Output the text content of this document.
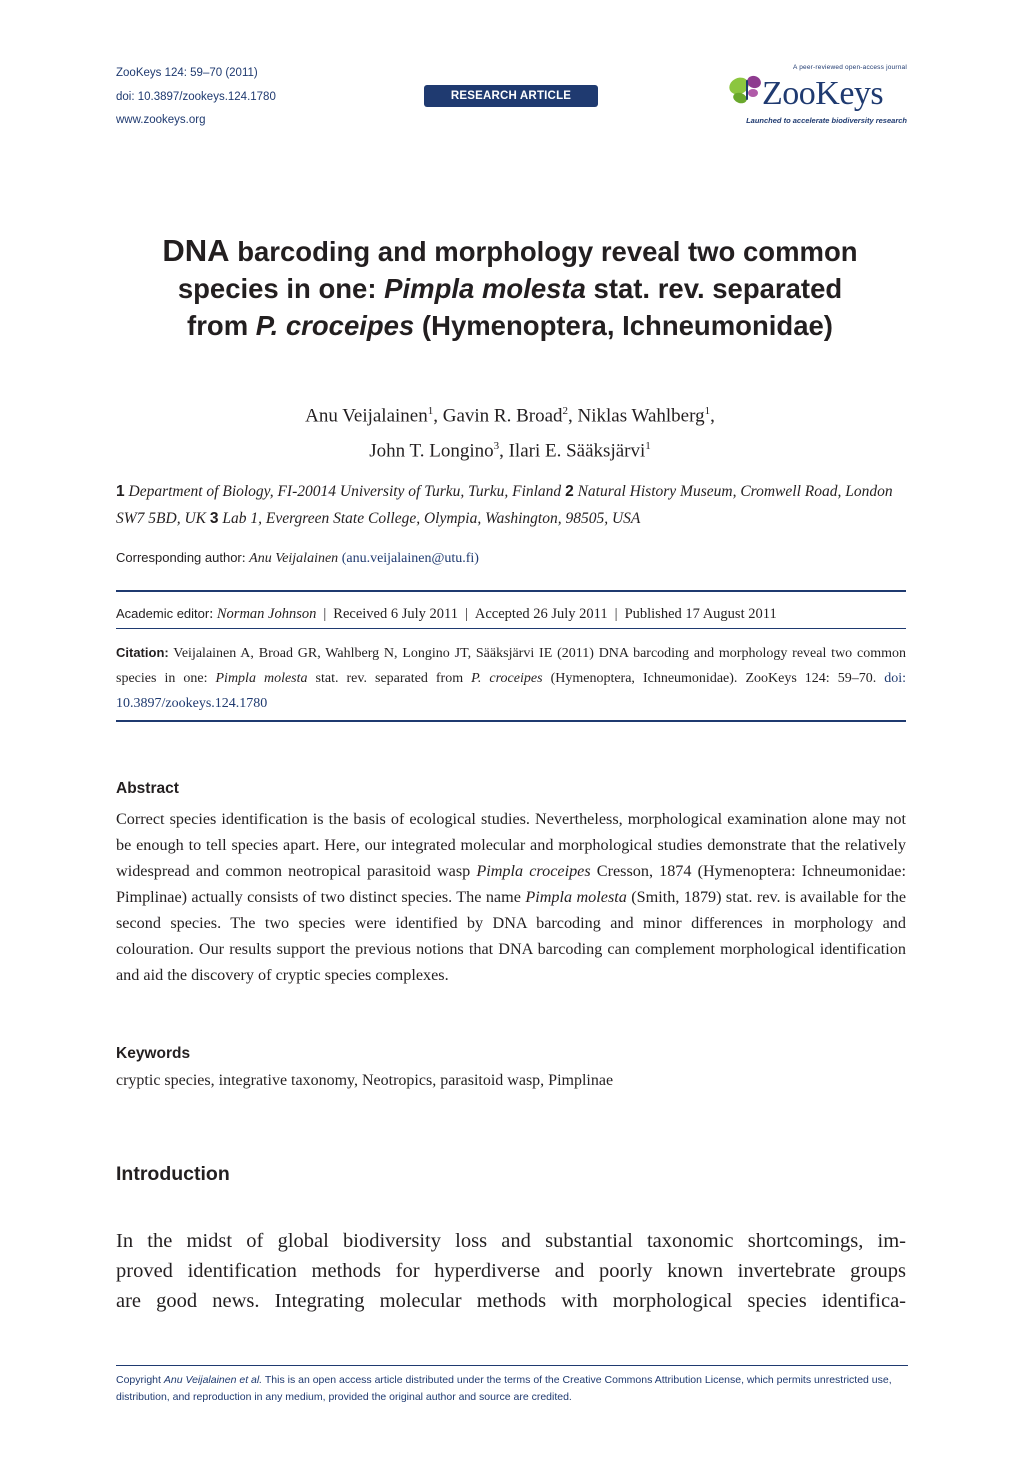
ZooKeys 124: 59–70 (2011)
doi: 10.3897/zookeys.124.1780
www.zookeys.org
RESEARCH ARTICLE
A peer-reviewed open-access journal
ZooKeys
Launched to accelerate biodiversity research
DNA barcoding and morphology reveal two common
species in one: Pimpla molesta stat. rev. separated
from P. croceipes (Hymenoptera, Ichneumonidae)
Anu Veijalainen$^1$, Gavin R. Broad$^2$, Niklas Wahlberg$^1$,
John T. Longino$^3$, Ilari E. Sääksjärvi$^1$
1 Department of Biology, FI-20014 University of Turku, Turku, Finland 2 Natural History Museum, Cromwell Road, London SW7 5BD, UK 3 Lab 1, Evergreen State College, Olympia, Washington, 98505, USA
Corresponding author: Anu Veijalainen (anu.veijalainen@utu.fi)
Academic editor: Norman Johnson | Received 6 July 2011 | Accepted 26 July 2011 | Published 17 August 2011
Citation: Veijalainen A, Broad GR, Wahlberg N, Longino JT, Sääksjärvi IE (2011) DNA barcoding and morphology reveal two common species in one: Pimpla molesta stat. rev. separated from P. croceipes (Hymenoptera, Ichneumonidae). ZooKeys 124: 59–70. doi: 10.3897/zookeys.124.1780
Abstract
Correct species identification is the basis of ecological studies. Nevertheless, morphological examination alone may not be enough to tell species apart. Here, our integrated molecular and morphological studies demonstrate that the relatively widespread and common neotropical parasitoid wasp Pimpla croceipes Cresson, 1874 (Hymenoptera: Ichneumonidae: Pimplinae) actually consists of two distinct species. The name Pimpla molesta (Smith, 1879) stat. rev. is available for the second species. The two species were identified by DNA barcoding and minor differences in morphology and colouration. Our results support the previous notions that DNA barcoding can complement morphological identification and aid the discovery of cryptic species complexes.
Keywords
cryptic species, integrative taxonomy, Neotropics, parasitoid wasp, Pimplinae
Introduction
In the midst of global biodiversity loss and substantial taxonomic shortcomings, im-
proved identification methods for hyperdiverse and poorly known invertebrate groups
are good news. Integrating molecular methods with morphological species identifica-
Copyright Anu Veijalainen et al. This is an open access article distributed under the terms of the Creative Commons Attribution License, which permits unrestricted use, distribution, and reproduction in any medium, provided the original author and source are credited.
